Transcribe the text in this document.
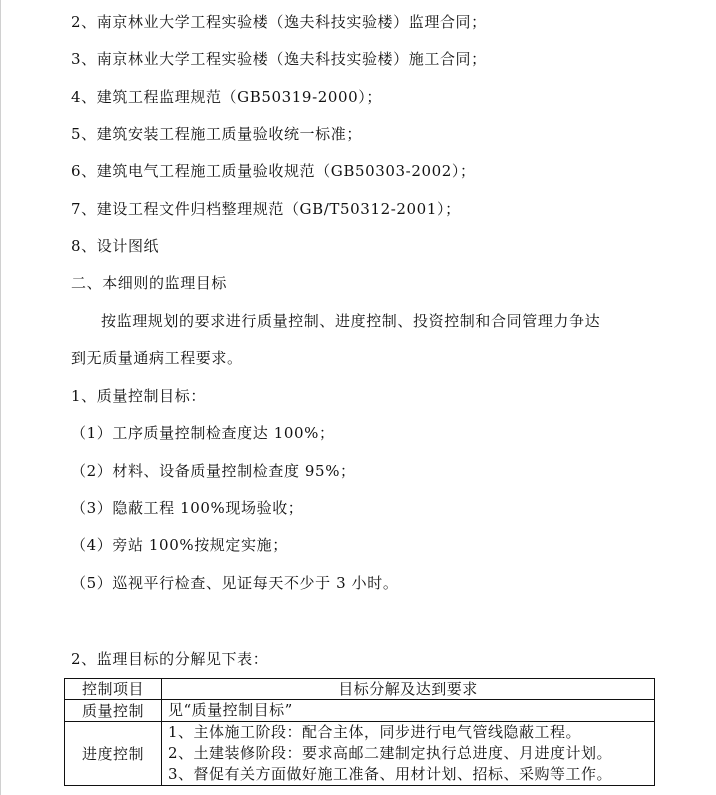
2、南京林业大学工程实验楼（逸夫科技实验楼）监理合同；
3、南京林业大学工程实验楼（逸夫科技实验楼）施工合同；
4、建筑工程监理规范（GB50319-2000）；
5、建筑安装工程施工质量验收统一标准；
6、建筑电气工程施工质量验收规范（GB50303-2002）；
7、建设工程文件归档整理规范（GB/T50312-2001）；
8、设计图纸
二、本细则的监理目标
按监理规划的要求进行质量控制、进度控制、投资控制和合同管理力争达
到无质量通病工程要求。
1、质量控制目标：
（1）工序质量控制检查度达 100%；
（2）材料、设备质量控制检查度 95%；
（3）隐蔽工程 100%现场验收；
（4）旁站 100%按规定实施；
（5）巡视平行检查、见证每天不少于 3 小时。
2、监理目标的分解见下表：
控制项目	目标分解及达到要求
质量控制	见“质量控制目标”
进度控制	1、主体施工阶段：配合主体，同步进行电气管线隐蔽工程。
2、土建装修阶段：要求高邮二建制定执行总进度、月进度计划。
3、督促有关方面做好施工准备、用材计划、招标、采购等工作。
